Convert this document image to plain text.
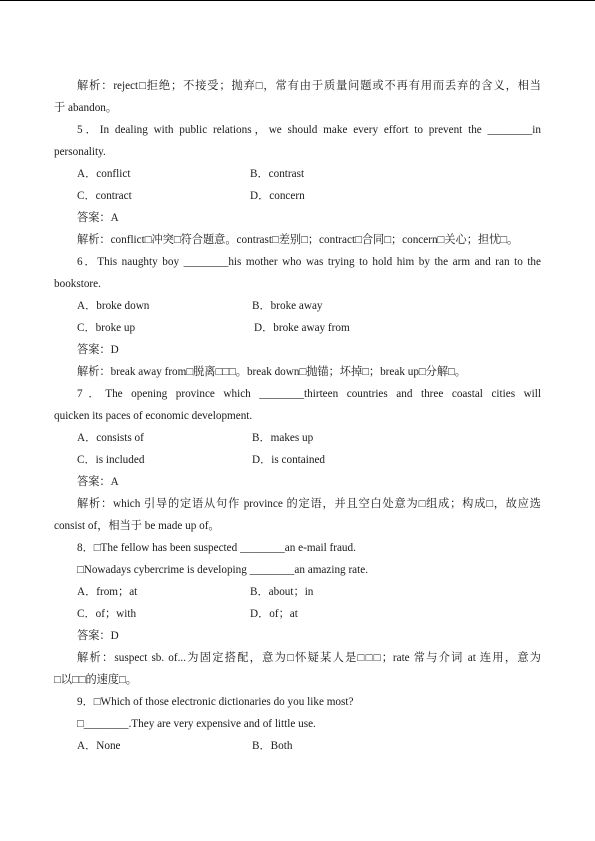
解析：reject□拒绝；不接受；抛弃□，常有由于质量问题或不再有用而丢弃的含义，相当
于 abandon。
5．In dealing with public relations，we should make every effort to prevent the ________in
personality.
A．conflict	B．contrast
C．contract	D．concern
答案：A
解析：conflict□冲突□符合题意。contrast□差别□；contract□合同□；concern□关心；担忧□。
6．This naughty boy ________his mother who was trying to hold him by the arm and ran to the
bookstore.
A．broke down	B．broke away
C．broke up	D．broke away from
答案：D
解析：break away from□脱离□□□。break down□抛锚；坏掉□；break up□分解□。
7．The opening province which ________thirteen countries and three coastal cities will
quicken its paces of economic development.
A．consists of	B．makes up
C．is included	D．is contained
答案：A
解析：which 引导的定语从句作 province 的定语，并且空白处意为□组成；构成□，故应选
consist of，相当于 be made up of。
8．□The fellow has been suspected ________an e-mail fraud.
□Nowadays cybercrime is developing ________an amazing rate.
A．from；at	B．about；in
C．of；with	D．of；at
答案：D
解析：suspect sb. of...为固定搭配，意为□怀疑某人是□□□；rate 常与介词 at 连用，意为
□以□□的速度□。
9．□Which of those electronic dictionaries do you like most?
□________.They are very expensive and of little use.
A．None	B．Both
